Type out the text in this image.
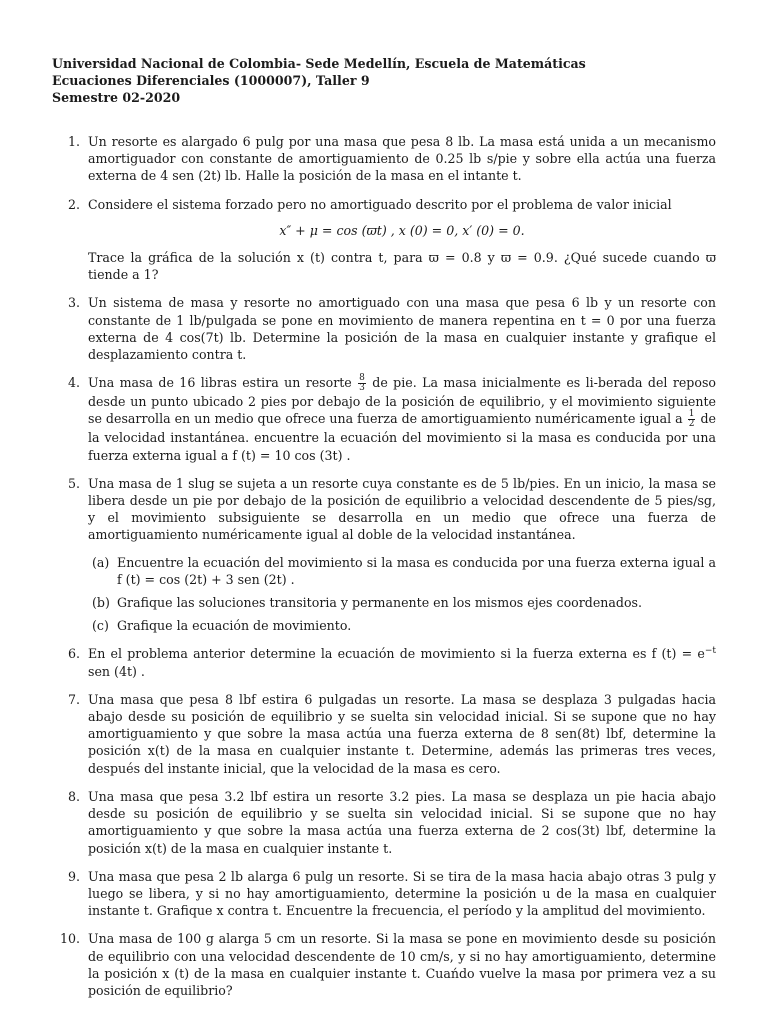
Universidad Nacional de Colombia- Sede Medellín, Escuela de Matemáticas
Ecuaciones Diferenciales (1000007), Taller 9
Semestre 02-2020
1. Un resorte es alargado 6 pulg por una masa que pesa 8 lb. La masa está unida a un mecanismo amortiguador con constante de amortiguamiento de 0.25 lb s/pie y sobre ella actúa una fuerza externa de 4 sen (2t) lb. Halle la posición de la masa en el intante t.

2. Considere el sistema forzado pero no amortiguado descrito por el problema de valor inicial

x″ + μ = cos (ϖt) , x (0) = 0, x′ (0) = 0.

Trace la gráfica de la solución x (t) contra t, para ϖ = 0.8 y ϖ = 0.9. ¿Qué sucede cuando ϖ tiende a 1?

3. Un sistema de masa y resorte no amortiguado con una masa que pesa 6 lb y un resorte con constante de 1 lb/pulgada se pone en movimiento de manera repentina en t = 0 por una fuerza externa de 4 cos(7t) lb. Determine la posición de la masa en cualquier instante y grafique el desplazamiento contra t.

4. Una masa de 16 libras estira un resorte $\frac{8}{3}$ de pie. La masa inicialmente es li-berada del reposo desde un punto ubicado 2 pies por debajo de la posición de equilibrio, y el movimiento siguiente se desarrolla en un medio que ofrece una fuerza de amortiguamiento numéricamente igual a $\frac{1}{2}$ de la velocidad instantánea. encuentre la ecuación del movimiento si la masa es conducida por una fuerza externa igual a f (t) = 10 cos (3t) .

5. Una masa de 1 slug se sujeta a un resorte cuya constante es de 5 lb/pies. En un inicio, la masa se libera desde un pie por debajo de la posición de equilibrio a velocidad descendente de 5 pies/sg, y el movimiento subsiguiente se desarrolla en un medio que ofrece una fuerza de amortiguamiento numéricamente igual al doble de la velocidad instantánea.

(a) Encuentre la ecuación del movimiento si la masa es conducida por una fuerza externa igual a f (t) = cos (2t) + 3 sen (2t) .
(b) Grafique las soluciones transitoria y permanente en los mismos ejes coordenados.
(c) Grafique la ecuación de movimiento.
6. En el problema anterior determine la ecuación de movimiento si la fuerza externa es f $(t) = e^{-t}$ sen (4t) .

7. Una masa que pesa 8 lbf estira 6 pulgadas un resorte. La masa se desplaza 3 pulgadas hacia abajo desde su posición de equilibrio y se suelta sin velocidad inicial. Si se supone que no hay amortiguamiento y que sobre la masa actúa una fuerza externa de 8 sen(8t) lbf, determine la posición x(t) de la masa en cualquier instante t. Determine, además las primeras tres veces, después del instante inicial, que la velocidad de la masa es cero.

8. Una masa que pesa 3.2 lbf estira un resorte 3.2 pies. La masa se desplaza un pie hacia abajo desde su posición de equilibrio y se suelta sin velocidad inicial. Si se supone que no hay amortiguamiento y que sobre la masa actúa una fuerza externa de 2 cos(3t) lbf, determine la posición x(t) de la masa en cualquier instante t.

9. Una masa que pesa 2 lb alarga 6 pulg un resorte. Si se tira de la masa hacia abajo otras 3 pulg y luego se libera, y si no hay amortiguamiento, determine la posición u de la masa en cualquier instante t. Grafique x contra t. Encuentre la frecuencia, el período y la amplitud del movimiento.

10. Una masa de 100 g alarga 5 cm un resorte. Si la masa se pone en movimiento desde su posición de equilibrio con una velocidad descendente de 10 cm/s, y si no hay amortiguamiento, determine la posición x (t) de la masa en cualquier instante t. Cuańdo vuelve la masa por primera vez a su posición de equilibrio?
